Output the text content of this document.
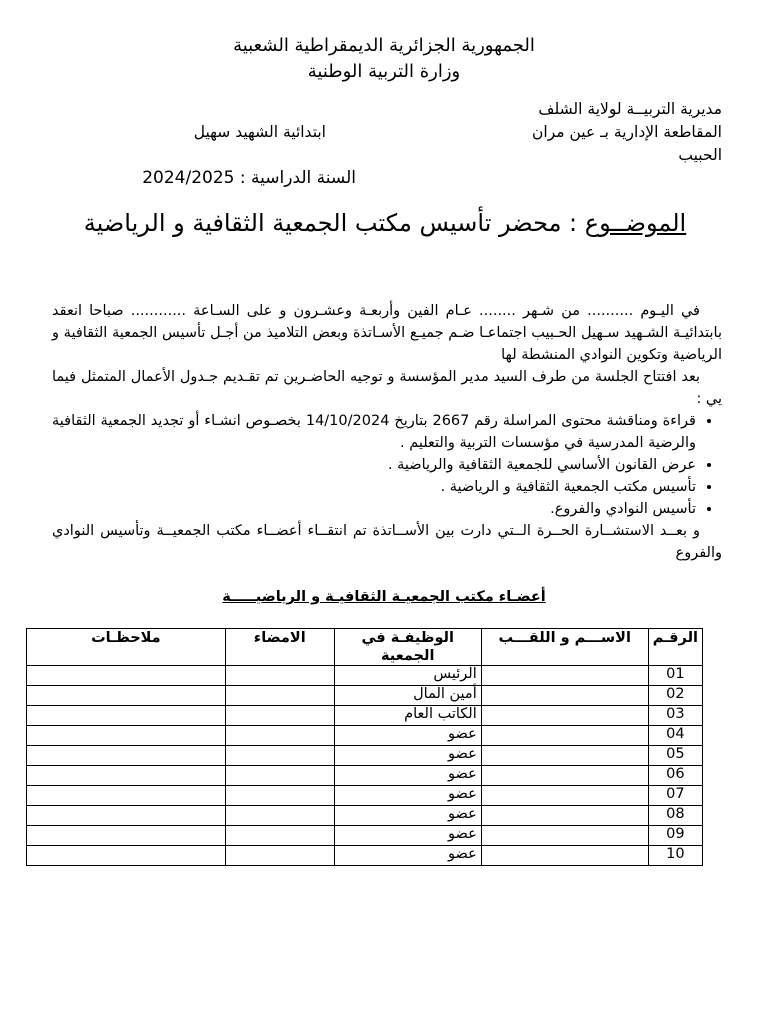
الجمهورية الجزائرية الديمقراطية الشعبية
وزارة التربية الوطنية
مديرية التربيــة لولاية الشلف
المقاطعة الإدارية بـ عين مران
ابتدائية الشهيد سهيل
الحبيب
السنة الدراسية : 2024/2025
الموضــوع : محضر تأسيس مكتب الجمعية الثقافية و الرياضية

في اليـوم .......... من شـهر ........ عـام الفين وأربعـة وعشـرون و على السـاعة ............ صباحا انعقد بابتدائيـة الشـهيد سـهيل الحـبيب اجتماعـا ضـم جميـع الأسـاتذة وبعض التلاميذ من أجـل تأسيس الجمعية الثقافية و الرياضية وتكوين النوادي المنشطة لها

بعد افتتاح الجلسة من طرف السيد مدير المؤسسة و توجيه الحاضـرين تم تقـديم جـدول الأعمال المتمثل فيما يي :

• قراءة ومناقشة محتوى المراسلة رقم 2667 بتاريخ 14/10/2024 بخصـوص انشـاء أو تجديد الجمعية الثقافية والرضية المدرسية في مؤسسات التربية والتعليم .
• عرض القانون الأساسي للجمعية الثقافية والرياضية .
• تأسيس مكتب الجمعية الثقافية و الرياضية .
• تأسيس النوادي والفروع.

و بعــد الاستشــارة الحــرة الــتي دارت بين الأســاتذة تم انتقــاء أعضــاء مكتب الجمعيــة وتأسيس النوادي والفروع

أعضـاء مكتب الجمعيـة الثقافيـة و الرياضيـــــة
الرقـم	الاســـم و اللقـــب	الوظيفـة في الجمعية	الامضاء	ملاحظـات
01		الرئيس		
02		أمين المال		
03		الكاتب العام		
04		عضو		
05		عضو		
06		عضو		
07		عضو		
08		عضو		
09		عضو		
10		عضو		
